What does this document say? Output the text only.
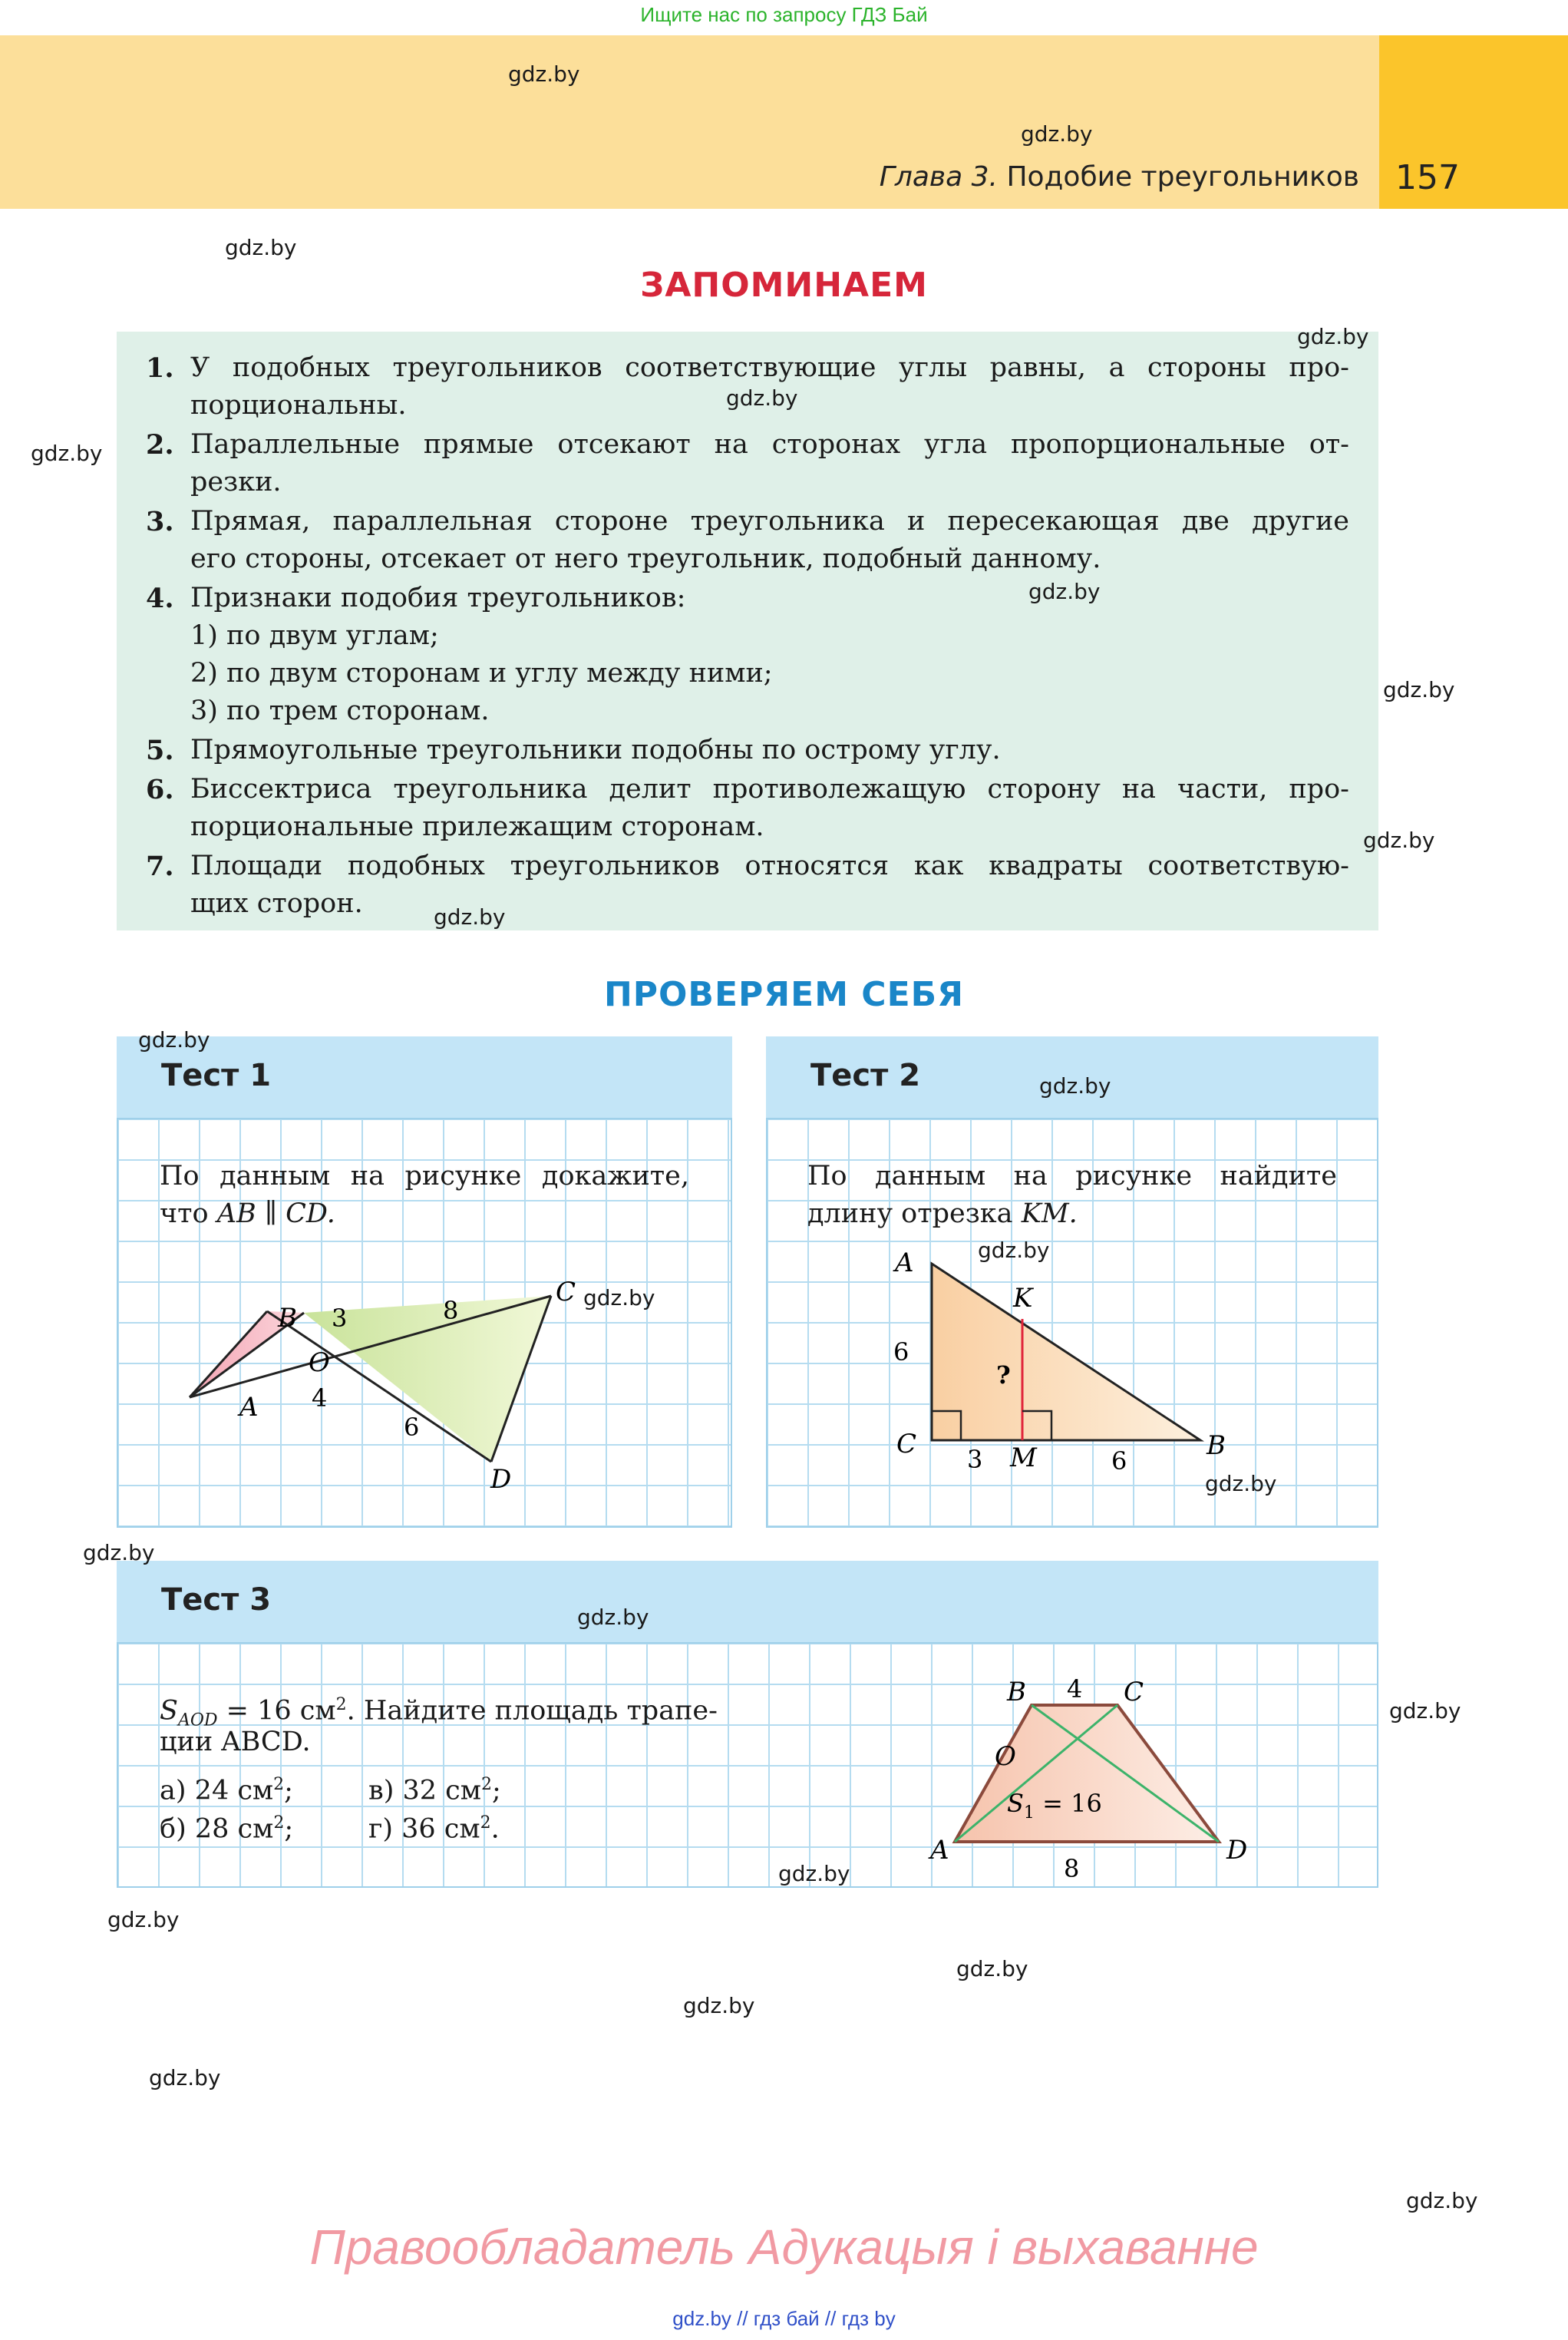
Ищите нас по запросу ГДЗ Бай
Глава 3. Подобие треугольников 157
ЗАПОМИНАЕМ
1. У подобных треугольников соответствующие углы равны, а стороны про-
порциональны.
2. Параллельные прямые отсекают на сторонах угла пропорциональные от-
резки.
3. Прямая, параллельная стороне треугольника и пересекающая две другие
его стороны, отсекает от него треугольник, подобный данному.
4. Признаки подобия треугольников:
1) по двум углам;
2) по двум сторонам и углу между ними;
3) по трем сторонам.
5. Прямоугольные треугольники подобны по острому углу.
6. Биссектриса треугольника делит противолежащую сторону на части, про-
порциональные прилежащим сторонам.
7. Площади подобных треугольников относятся как квадраты соответствую-
щих сторон.
ПРОВЕРЯЕМ СЕБЯ
Тест 1
По данным на рисунке докажите,
что AB ∥ CD.
B
A
C
D
O
3
4
8
6
Тест 2
По данным на рисунке найдите
длину отрезка KM.
A
K
C	M	B
6
3	6
?
Тест 3
$S_{AOD} = 16$ $см^2$. Найдите площадь трапе-
ции ABCD.
а) 24 $см^2$;	в) 32 $см^2$;
б) 28 $см^2$;	г) 36 $см^2$.
A
B	C
D
O
4
8
$S_1 = 16$
gdz.by
gdz.by
gdz.by
gdz.by
gdz.by
gdz.by
gdz.by
gdz.by
gdz.by
gdz.by
gdz.by
gdz.by
gdz.by
gdz.by
gdz.by
gdz.by
gdz.by
gdz.by
gdz.by
gdz.by
gdz.by
gdz.by
gdz.by
gdz.by
Правообладатель Адукацыя і выхаванне
gdz.by // гдз бай // гдз by
